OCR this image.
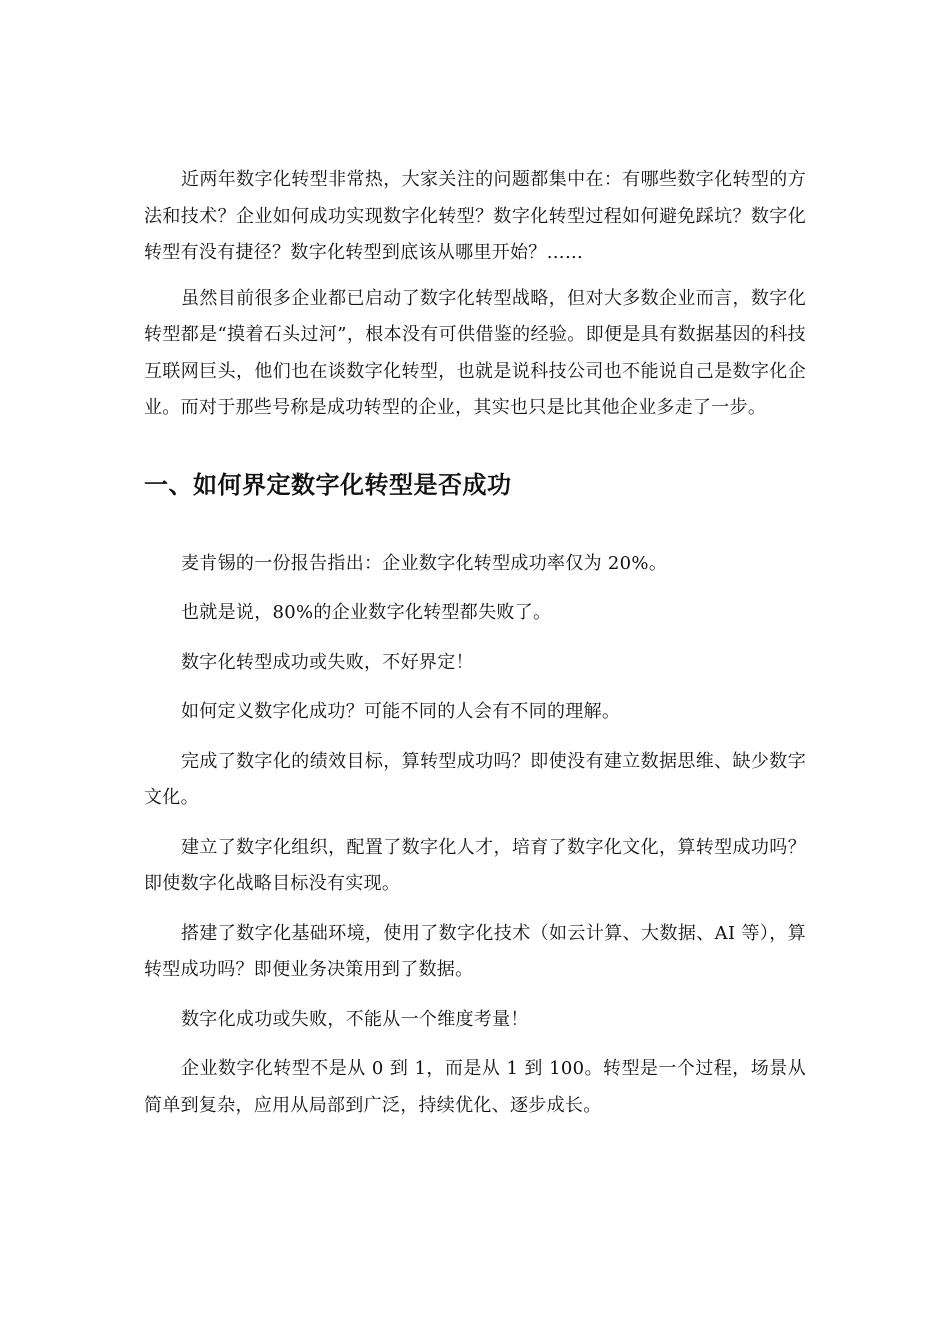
近两年数字化转型非常热，大家关注的问题都集中在：有哪些数字化转型的方法和技术？企业如何成功实现数字化转型？数字化转型过程如何避免踩坑？数字化转型有没有捷径？数字化转型到底该从哪里开始？……

虽然目前很多企业都已启动了数字化转型战略，但对大多数企业而言，数字化转型都是“摸着石头过河”，根本没有可供借鉴的经验。即便是具有数据基因的科技互联网巨头，他们也在谈数字化转型，也就是说科技公司也不能说自己是数字化企业。而对于那些号称是成功转型的企业，其实也只是比其他企业多走了一步。

一、如何界定数字化转型是否成功

麦肯锡的一份报告指出：企业数字化转型成功率仅为 20%。

也就是说，80%的企业数字化转型都失败了。

数字化转型成功或失败，不好界定！

如何定义数字化成功？可能不同的人会有不同的理解。

完成了数字化的绩效目标，算转型成功吗？即使没有建立数据思维、缺少数字文化。

建立了数字化组织，配置了数字化人才，培育了数字化文化，算转型成功吗？即使数字化战略目标没有实现。

搭建了数字化基础环境，使用了数字化技术（如云计算、大数据、AI 等），算转型成功吗？即便业务决策用到了数据。

数字化成功或失败，不能从一个维度考量！

企业数字化转型不是从 0 到 1，而是从 1 到 100。转型是一个过程，场景从简单到复杂，应用从局部到广泛，持续优化、逐步成长。
